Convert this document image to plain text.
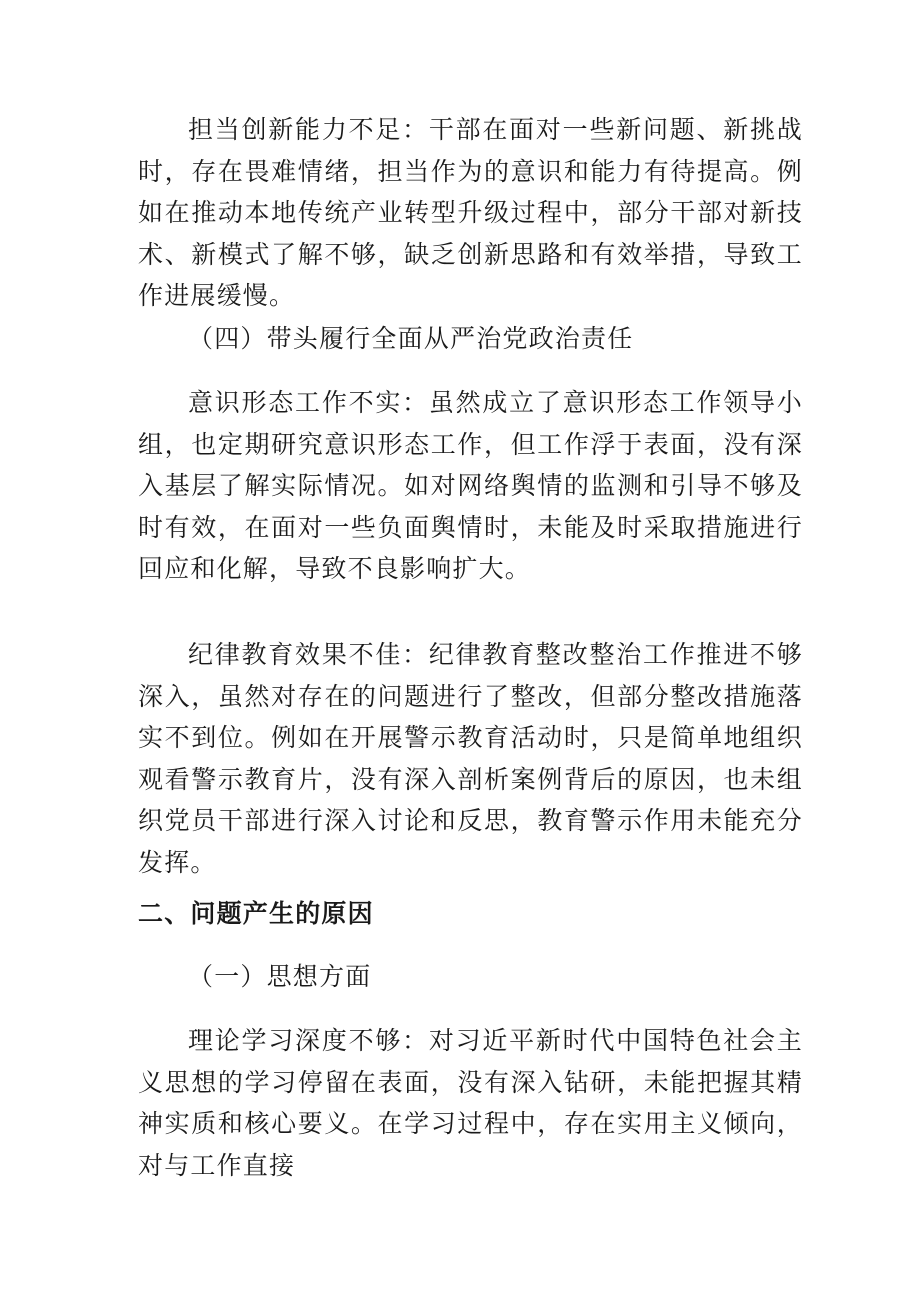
担当创新能力不足：干部在面对一些新问题、新挑战时，存在畏难情绪，担当作为的意识和能力有待提高。例如在推动本地传统产业转型升级过程中，部分干部对新技术、新模式了解不够，缺乏创新思路和有效举措，导致工作进展缓慢。

（四）带头履行全面从严治党政治责任

意识形态工作不实：虽然成立了意识形态工作领导小组，也定期研究意识形态工作，但工作浮于表面，没有深入基层了解实际情况。如对网络舆情的监测和引导不够及时有效，在面对一些负面舆情时，未能及时采取措施进行回应和化解，导致不良影响扩大。

纪律教育效果不佳：纪律教育整改整治工作推进不够深入，虽然对存在的问题进行了整改，但部分整改措施落实不到位。例如在开展警示教育活动时，只是简单地组织观看警示教育片，没有深入剖析案例背后的原因，也未组织党员干部进行深入讨论和反思，教育警示作用未能充分发挥。

二、问题产生的原因

（一）思想方面

理论学习深度不够：对习近平新时代中国特色社会主义思想的学习停留在表面，没有深入钻研，未能把握其精神实质和核心要义。在学习过程中，存在实用主义倾向，对与工作直接
